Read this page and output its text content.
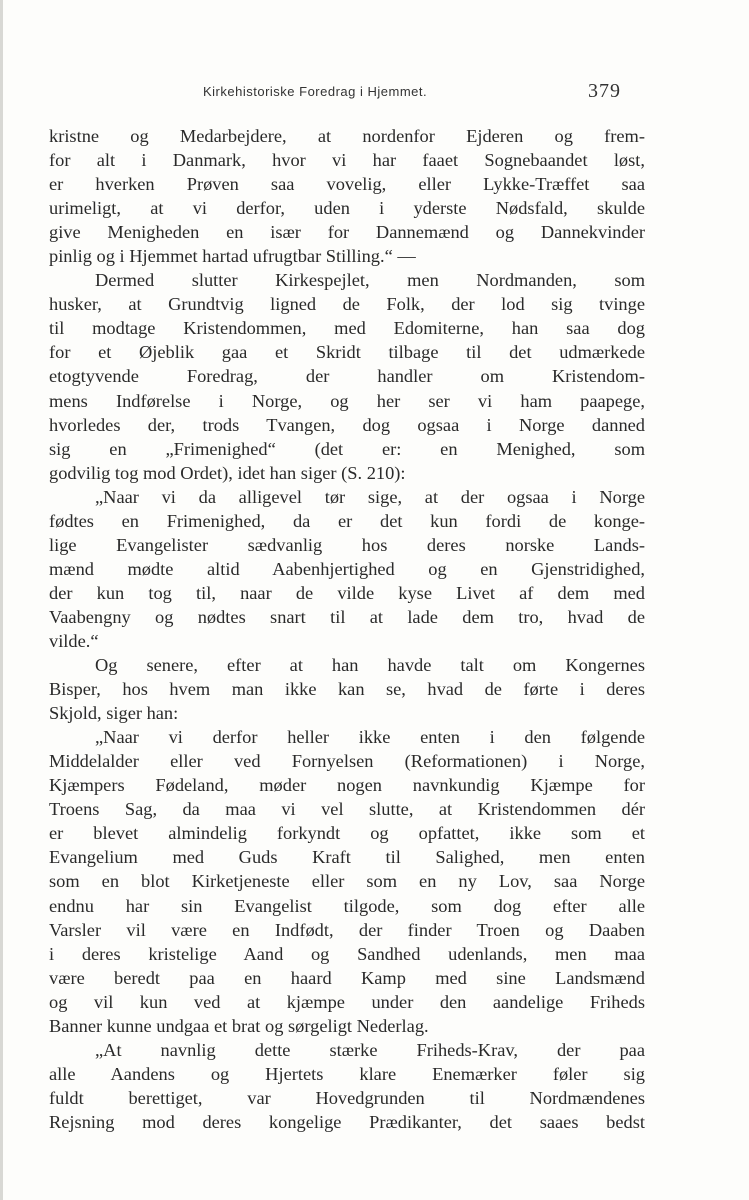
Kirkehistoriske Foredrag i Hjemmet.	379
kristne og Medarbejdere, at nordenfor Ejderen og frem-
for alt i Danmark, hvor vi har faaet Sognebaandet løst,
er hverken Prøven saa vovelig, eller Lykke-Træffet saa
urimeligt, at vi derfor, uden i yderste Nødsfald, skulde
give Menigheden en især for Dannemænd og Dannekvinder
pinlig og i Hjemmet hartad ufrugtbar Stilling.“ —
Dermed slutter Kirkespejlet, men Nordmanden, som
husker, at Grundtvig ligned de Folk, der lod sig tvinge
til modtage Kristendommen, med Edomiterne, han saa dog
for et Øjeblik gaa et Skridt tilbage til det udmærkede
etogtyvende Foredrag, der handler om Kristendom-
mens Indførelse i Norge, og her ser vi ham paapege,
hvorledes der, trods Tvangen, dog ogsaa i Norge danned
sig en „Frimenighed“ (det er: en Menighed, som
godvilig tog mod Ordet), idet han siger (S. 210):
„Naar vi da alligevel tør sige, at der ogsaa i Norge
fødtes en Frimenighed, da er det kun fordi de konge-
lige Evangelister sædvanlig hos deres norske Lands-
mænd mødte altid Aabenhjertighed og en Gjenstridighed,
der kun tog til, naar de vilde kyse Livet af dem med
Vaabengny og nødtes snart til at lade dem tro, hvad de
vilde.“
Og senere, efter at han havde talt om Kongernes
Bisper, hos hvem man ikke kan se, hvad de førte i deres
Skjold, siger han:
„Naar vi derfor heller ikke enten i den følgende
Middelalder eller ved Fornyelsen (Reformationen) i Norge,
Kjæmpers Fødeland, møder nogen navnkundig Kjæmpe for
Troens Sag, da maa vi vel slutte, at Kristendommen dér
er blevet almindelig forkyndt og opfattet, ikke som et
Evangelium med Guds Kraft til Salighed, men enten
som en blot Kirketjeneste eller som en ny Lov, saa Norge
endnu har sin Evangelist tilgode, som dog efter alle
Varsler vil være en Indfødt, der finder Troen og Daaben
i deres kristelige Aand og Sandhed udenlands, men maa
være beredt paa en haard Kamp med sine Landsmænd
og vil kun ved at kjæmpe under den aandelige Friheds
Banner kunne undgaa et brat og sørgeligt Nederlag.
„At navnlig dette stærke Friheds-Krav, der paa
alle Aandens og Hjertets klare Enemærker føler sig
fuldt berettiget, var Hovedgrunden til Nordmændenes
Rejsning mod deres kongelige Prædikanter, det saaes bedst
